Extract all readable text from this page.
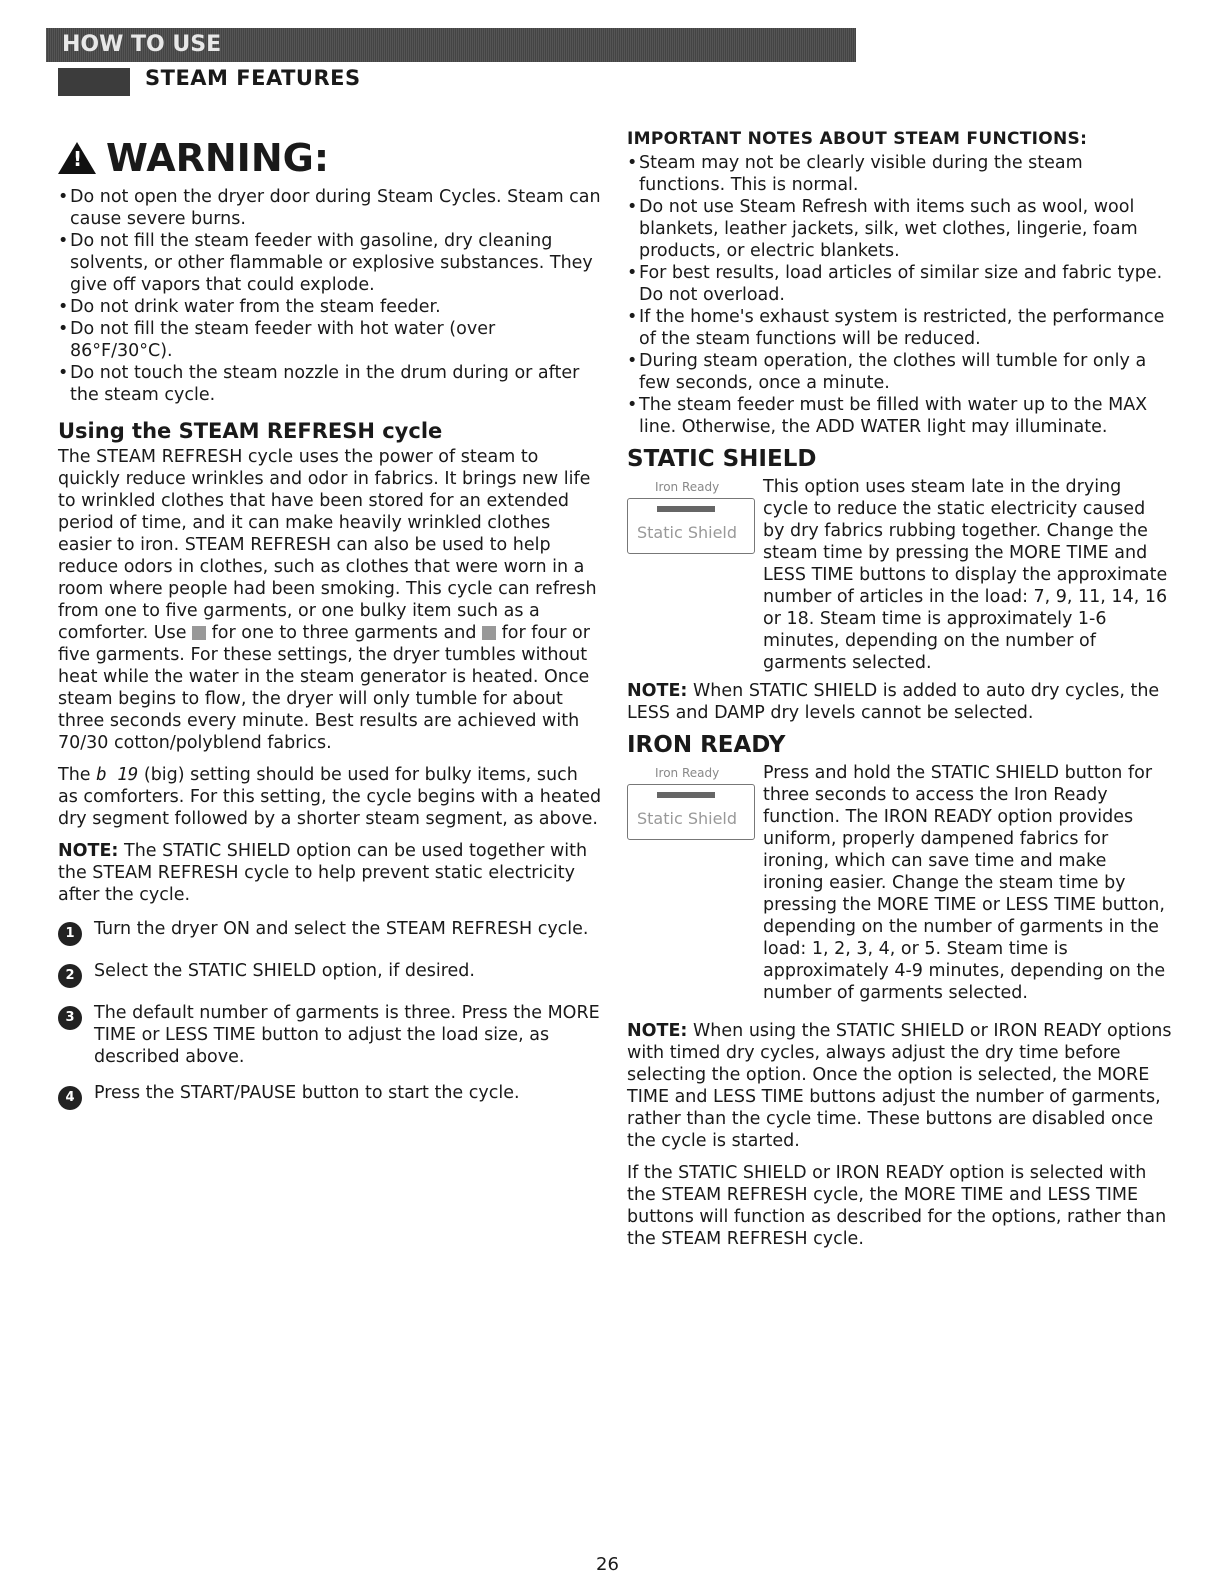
HOW TO USE
STEAM FEATURES
!
WARNING:
• Do not open the dryer door during Steam Cycles. Steam can cause severe burns.
• Do not fill the steam feeder with gasoline, dry cleaning solvents, or other flammable or explosive substances. They give off vapors that could explode.
• Do not drink water from the steam feeder.
• Do not fill the steam feeder with hot water (over 86°F/30°C).
• Do not touch the steam nozzle in the drum during or after the steam cycle.
Using the STEAM REFRESH cycle

The STEAM REFRESH cycle uses the power of steam to quickly reduce wrinkles and odor in fabrics. It brings new life to wrinkled clothes that have been stored for an extended period of time, and it can make heavily wrinkled clothes easier to iron. STEAM REFRESH can also be used to help reduce odors in clothes, such as clothes that were worn in a room where people had been smoking. This cycle can refresh from one to five garments, or one bulky item such as a comforter. Use for one to three garments and for four or five garments. For these settings, the dryer tumbles without heat while the water in the steam generator is heated. Once steam begins to flow, the dryer will only tumble for about three seconds every minute. Best results are achieved with 70/30 cotton/polyblend fabrics.

The b 19 (big) setting should be used for bulky items, such as comforters. For this setting, the cycle begins with a heated dry segment followed by a shorter steam segment, as above.

NOTE: The STATIC SHIELD option can be used together with the STEAM REFRESH cycle to help prevent static electricity after the cycle.

1	Turn the dryer ON and select the STEAM REFRESH cycle.
2	Select the STATIC SHIELD option, if desired.
3	The default number of garments is three. Press the MORE TIME or LESS TIME button to adjust the load size, as described above.
4	Press the START/PAUSE button to start the cycle.
IMPORTANT NOTES ABOUT STEAM FUNCTIONS:
• Steam may not be clearly visible during the steam functions. This is normal.
• Do not use Steam Refresh with items such as wool, wool blankets, leather jackets, silk, wet clothes, lingerie, foam products, or electric blankets.
• For best results, load articles of similar size and fabric type. Do not overload.
• If the home's exhaust system is restricted, the performance of the steam functions will be reduced.
• During steam operation, the clothes will tumble for only a few seconds, once a minute.
• The steam feeder must be filled with water up to the MAX line. Otherwise, the ADD WATER light may illuminate.
STATIC SHIELD
Iron Ready
Static Shield
This option uses steam late in the drying cycle to reduce the static electricity caused by dry fabrics rubbing together. Change the steam time by pressing the MORE TIME and LESS TIME buttons to display the approximate number of articles in the load: 7, 9, 11, 14, 16 or 18. Steam time is approximately 1-6 minutes, depending on the number of garments selected.

NOTE: When STATIC SHIELD is added to auto dry cycles, the LESS and DAMP dry levels cannot be selected.

IRON READY
Iron Ready
Static Shield
Press and hold the STATIC SHIELD button for three seconds to access the Iron Ready function. The IRON READY option provides uniform, properly dampened fabrics for ironing, which can save time and make ironing easier. Change the steam time by pressing the MORE TIME or LESS TIME button, depending on the number of garments in the load: 1, 2, 3, 4, or 5. Steam time is approximately 4-9 minutes, depending on the number of garments selected.

NOTE: When using the STATIC SHIELD or IRON READY options with timed dry cycles, always adjust the dry time before selecting the option. Once the option is selected, the MORE TIME and LESS TIME buttons adjust the number of garments, rather than the cycle time. These buttons are disabled once the cycle is started.

If the STATIC SHIELD or IRON READY option is selected with the STEAM REFRESH cycle, the MORE TIME and LESS TIME buttons will function as described for the options, rather than the STEAM REFRESH cycle.

26
